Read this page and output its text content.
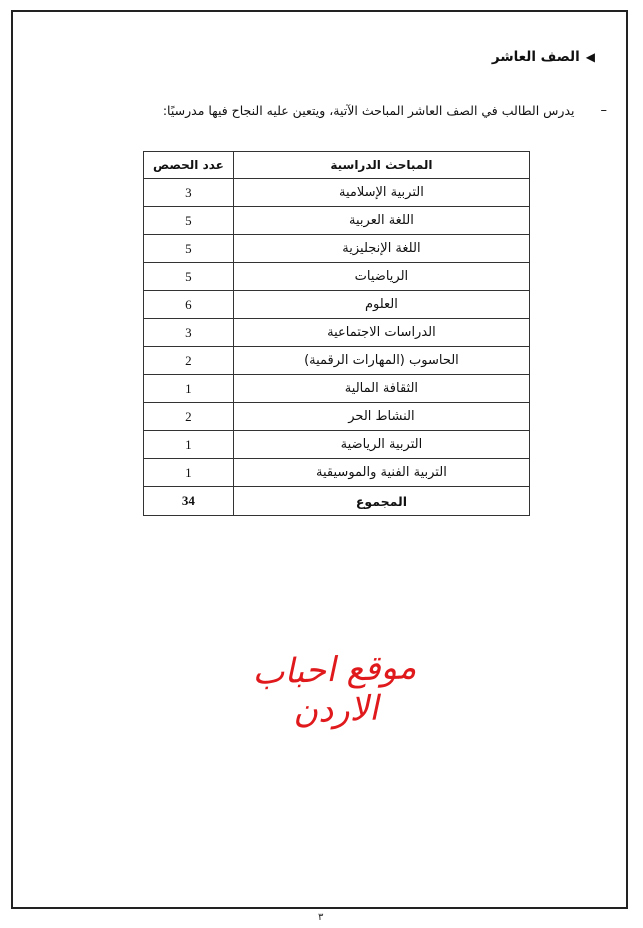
◀
الصف العاشر
–
يدرس الطالب في الصف العاشر المباحث الآتية، ويتعين عليه النجاح فيها مدرسيًا:
المباحث الدراسية	عدد الحصص
التربية الإسلامية	3
اللغة العربية	5
اللغة الإنجليزية	5
الرياضيات	5
العلوم	6
الدراسات الاجتماعية	3
الحاسوب (المهارات الرقمية)	2
الثقافة المالية	1
النشاط الحر	2
التربية الرياضية	1
التربية الفنية والموسيقية	1
المجموع	34
موقع احباب الاردن
٣
